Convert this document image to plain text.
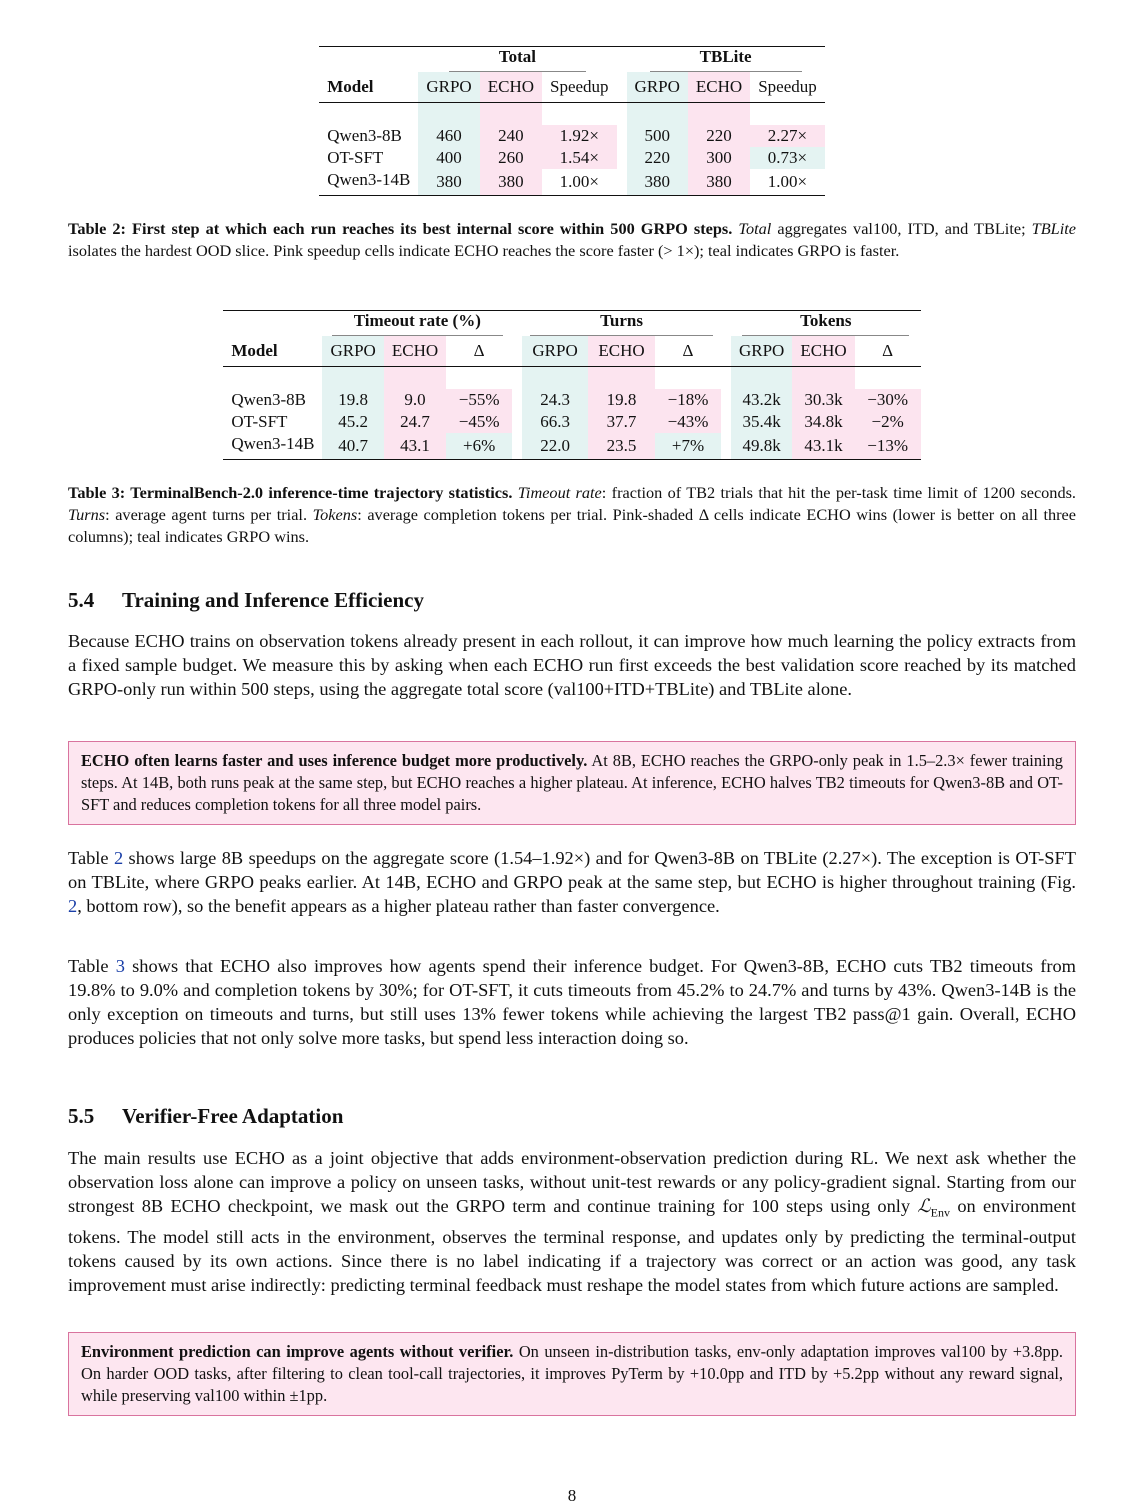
	Total				TBLite		
Model	GRPO	ECHO	Speedup		GRPO	ECHO	Speedup

Qwen3-8B	460	240	1.92×		500	220	2.27×
OT-SFT	400	260	1.54×		220	300	0.73×
Qwen3-14B	380	380	1.00×		380	380	1.00×
Table 2: First step at which each run reaches its best internal score within 500 GRPO steps. Total aggregates val100, ITD, and TBLite; TBLite isolates the hardest OOD slice. Pink speedup cells indicate ECHO reaches the score faster (> 1×); teal indicates GRPO is faster.
	Timeout rate (%)				Turns				Tokens		
Model	GRPO	ECHO	Δ		GRPO	ECHO	Δ		GRPO	ECHO	Δ

Qwen3-8B	19.8	9.0	−55%		24.3	19.8	−18%		43.2k	30.3k	−30%
OT-SFT	45.2	24.7	−45%		66.3	37.7	−43%		35.4k	34.8k	−2%
Qwen3-14B	40.7	43.1	+6%		22.0	23.5	+7%		49.8k	43.1k	−13%
Table 3: TerminalBench-2.0 inference-time trajectory statistics. Timeout rate: fraction of TB2 trials that hit the per-task time limit of 1200 seconds. Turns: average agent turns per trial. Tokens: average completion tokens per trial. Pink-shaded Δ cells indicate ECHO wins (lower is better on all three columns); teal indicates GRPO wins.
5.4 Training and Inference Efficiency

Because ECHO trains on observation tokens already present in each rollout, it can improve how much learning the policy extracts from a fixed sample budget. We measure this by asking when each ECHO run first exceeds the best validation score reached by its matched GRPO-only run within 500 steps, using the aggregate total score (val100+ITD+TBLite) and TBLite alone.

ECHO often learns faster and uses inference budget more productively. At 8B, ECHO reaches the GRPO-only peak in 1.5–2.3× fewer training steps. At 14B, both runs peak at the same step, but ECHO reaches a higher plateau. At inference, ECHO halves TB2 timeouts for Qwen3-8B and OT-SFT and reduces completion tokens for all three model pairs.

Table 2 shows large 8B speedups on the aggregate score (1.54–1.92×) and for Qwen3-8B on TBLite (2.27×). The exception is OT-SFT on TBLite, where GRPO peaks earlier. At 14B, ECHO and GRPO peak at the same step, but ECHO is higher throughout training (Fig. 2, bottom row), so the benefit appears as a higher plateau rather than faster convergence.

Table 3 shows that ECHO also improves how agents spend their inference budget. For Qwen3-8B, ECHO cuts TB2 timeouts from 19.8% to 9.0% and completion tokens by 30%; for OT-SFT, it cuts timeouts from 45.2% to 24.7% and turns by 43%. Qwen3-14B is the only exception on timeouts and turns, but still uses 13% fewer tokens while achieving the largest TB2 pass@1 gain. Overall, ECHO produces policies that not only solve more tasks, but spend less interaction doing so.

5.5 Verifier-Free Adaptation

The main results use ECHO as a joint objective that adds environment-observation prediction during RL. We next ask whether the observation loss alone can improve a policy on unseen tasks, without unit-test rewards or any policy-gradient signal. Starting from our strongest 8B ECHO checkpoint, we mask out the GRPO term and continue training for 100 steps using only ℒ$_{Env}$ on environment tokens. The model still acts in the environment, observes the terminal response, and updates only by predicting the terminal-output tokens caused by its own actions. Since there is no label indicating if a trajectory was correct or an action was good, any task improvement must arise indirectly: predicting terminal feedback must reshape the model states from which future actions are sampled.

Environment prediction can improve agents without verifier. On unseen in-distribution tasks, env-only adaptation improves val100 by +3.8pp. On harder OOD tasks, after filtering to clean tool-call trajectories, it improves PyTerm by +10.0pp and ITD by +5.2pp without any reward signal, while preserving val100 within ±1pp.
8
